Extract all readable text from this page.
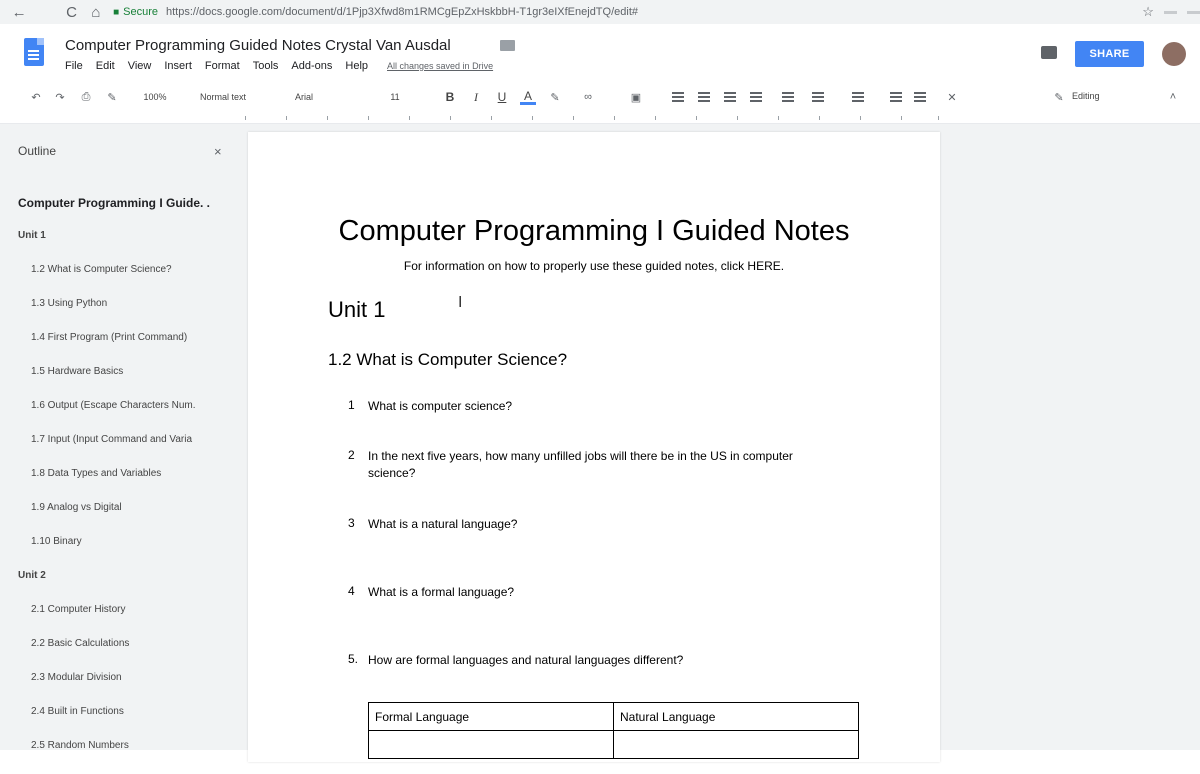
←	C ⌂	■ Secure https://docs.google.com/document/d/1Pjp3Xfwd8m1RMCgEpZxHskbbH-T1gr3eIXfEnejdTQ/edit#	☆
Computer Programming Guided Notes Crystal Van Ausdal
File Edit View Insert Format Tools Add-ons Help All changes saved in Drive
SHARE
↶	↷	⎙	✎	100%	Normal text	Arial	11	B	I	U	A	✎	∞	▣	✕	✎ Editing	˄
Outline	×
Computer Programming I Guide. .
Unit 1
1.2 What is Computer Science?
1.3 Using Python
1.4 First Program (Print Command)
1.5 Hardware Basics
1.6 Output (Escape Characters Num.
1.7 Input (Input Command and Varia
1.8 Data Types and Variables
1.9 Analog vs Digital
1.10 Binary
Unit 2
2.1 Computer History
2.2 Basic Calculations
2.3 Modular Division
2.4 Built in Functions
2.5 Random Numbers
Computer Programming I Guided Notes
For information on how to properly use these guided notes, click HERE.
Unit 1	I
1.2 What is Computer Science?
1	What is computer science?
2	In the next five years, how many unfilled jobs will there be in the US in computer science?
3	What is a natural language?
4	What is a formal language?
5. How are formal languages and natural languages different?
Formal Language	Natural Language
